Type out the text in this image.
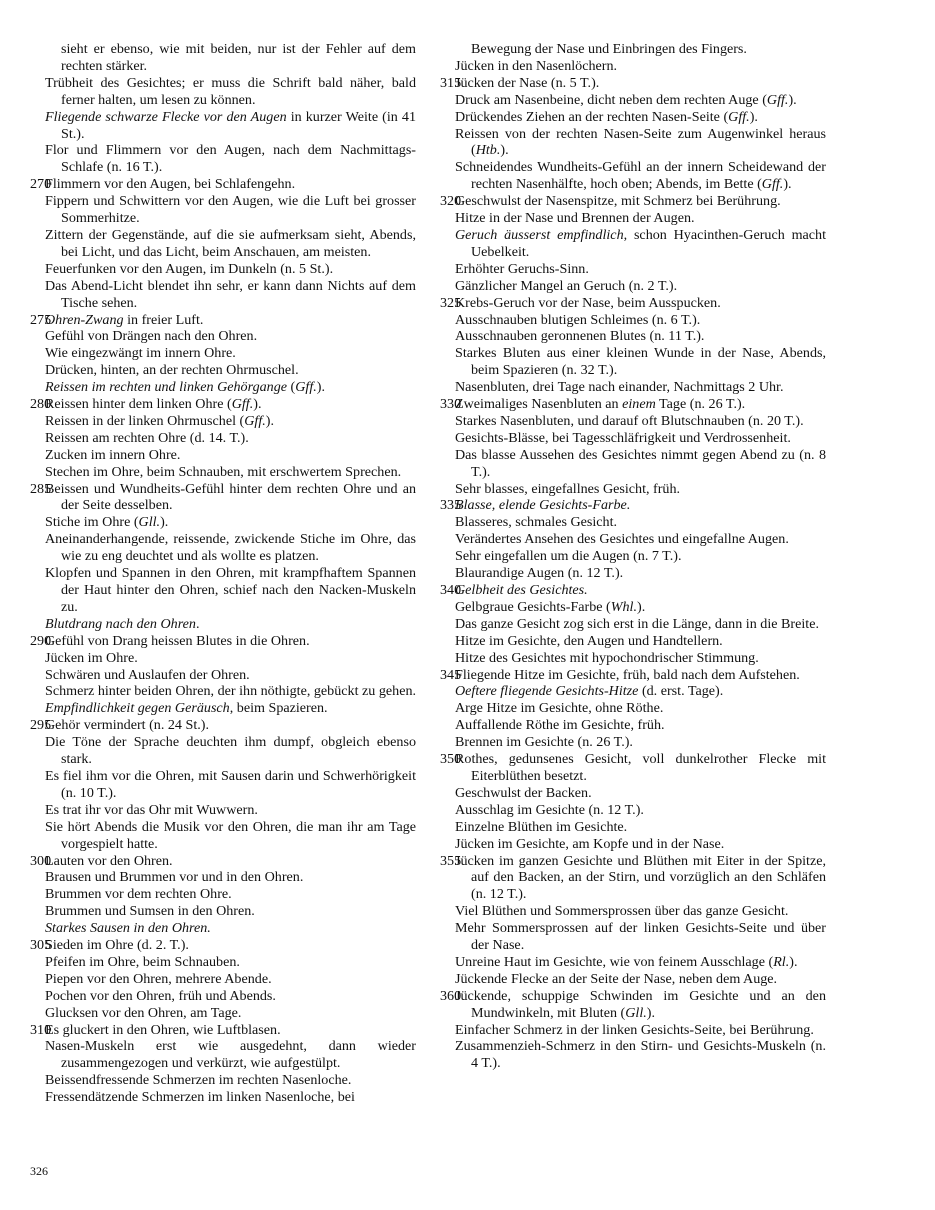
sieht er ebenso, wie mit beiden, nur ist der Fehler auf dem rechten stärker.

Trübheit des Gesichtes; er muss die Schrift bald näher, bald ferner halten, um lesen zu können.

Fliegende schwarze Flecke vor den Augen in kurzer Weite (in 41 St.).

Flor und Flimmern vor den Augen, nach dem Nachmittags-Schlafe (n. 16 T.).

270
Flimmern vor den Augen, bei Schlafengehn.

Fippern und Schwittern vor den Augen, wie die Luft bei grosser Sommerhitze.

Zittern der Gegenstände, auf die sie aufmerksam sieht, Abends, bei Licht, und das Licht, beim Anschauen, am meisten.

Feuerfunken vor den Augen, im Dunkeln (n. 5 St.).

Das Abend-Licht blendet ihn sehr, er kann dann Nichts auf dem Tische sehen.

275
Ohren-Zwang in freier Luft.

Gefühl von Drängen nach den Ohren.

Wie eingezwängt im innern Ohre.

Drücken, hinten, an der rechten Ohrmuschel.

Reissen im rechten und linken Gehörgange (Gff.).

280
Reissen hinter dem linken Ohre (Gff.).

Reissen in der linken Ohrmuschel (Gff.).

Reissen am rechten Ohre (d. 14. T.).

Zucken im innern Ohre.

Stechen im Ohre, beim Schnauben, mit erschwertem Sprechen.

285
Beissen und Wundheits-Gefühl hinter dem rechten Ohre und an der Seite desselben.

Stiche im Ohre (Gll.).

Aneinanderhangende, reissende, zwickende Stiche im Ohre, das wie zu eng deuchtet und als wollte es platzen.

Klopfen und Spannen in den Ohren, mit krampfhaftem Spannen der Haut hinter den Ohren, schief nach den Nacken-Muskeln zu.

Blutdrang nach den Ohren.

290
Gefühl von Drang heissen Blutes in die Ohren.

Jücken im Ohre.

Schwären und Auslaufen der Ohren.

Schmerz hinter beiden Ohren, der ihn nöthigte, gebückt zu gehen.

Empfindlichkeit gegen Geräusch, beim Spazieren.

295
Gehör vermindert (n. 24 St.).

Die Töne der Sprache deuchten ihm dumpf, obgleich ebenso stark.

Es fiel ihm vor die Ohren, mit Sausen darin und Schwerhörigkeit (n. 10 T.).

Es trat ihr vor das Ohr mit Wuwwern.

Sie hört Abends die Musik vor den Ohren, die man ihr am Tage vorgespielt hatte.

300
Lauten vor den Ohren.

Brausen und Brummen vor und in den Ohren.

Brummen vor dem rechten Ohre.

Brummen und Sumsen in den Ohren.

Starkes Sausen in den Ohren.

305
Sieden im Ohre (d. 2. T.).

Pfeifen im Ohre, beim Schnauben.

Piepen vor den Ohren, mehrere Abende.

Pochen vor den Ohren, früh und Abends.

Glucksen vor den Ohren, am Tage.

310
Es gluckert in den Ohren, wie Luftblasen.

Nasen-Muskeln erst wie ausgedehnt, dann wieder zusammengezogen und verkürzt, wie aufgestülpt.

Beissendfressende Schmerzen im rechten Nasenloche.

Fressendätzende Schmerzen im linken Nasenloche, bei

Bewegung der Nase und Einbringen des Fingers.

Jücken in den Nasenlöchern.

315
Jücken der Nase (n. 5 T.).

Druck am Nasenbeine, dicht neben dem rechten Auge (Gff.).

Drückendes Ziehen an der rechten Nasen-Seite (Gff.).

Reissen von der rechten Nasen-Seite zum Augenwinkel heraus (Htb.).

Schneidendes Wundheits-Gefühl an der innern Scheidewand der rechten Nasenhälfte, hoch oben; Abends, im Bette (Gff.).

320
Geschwulst der Nasenspitze, mit Schmerz bei Berührung.

Hitze in der Nase und Brennen der Augen.

Geruch äusserst empfindlich, schon Hyacinthen-Geruch macht Uebelkeit.

Erhöhter Geruchs-Sinn.

Gänzlicher Mangel an Geruch (n. 2 T.).

325
Krebs-Geruch vor der Nase, beim Ausspucken.

Ausschnauben blutigen Schleimes (n. 6 T.).

Ausschnauben geronnenen Blutes (n. 11 T.).

Starkes Bluten aus einer kleinen Wunde in der Nase, Abends, beim Spazieren (n. 32 T.).

Nasenbluten, drei Tage nach einander, Nachmittags 2 Uhr.

330
Zweimaliges Nasenbluten an einem Tage (n. 26 T.).

Starkes Nasenbluten, und darauf oft Blutschnauben (n. 20 T.).

Gesichts-Blässe, bei Tagesschläfrigkeit und Verdrossenheit.

Das blasse Aussehen des Gesichtes nimmt gegen Abend zu (n. 8 T.).

Sehr blasses, eingefallnes Gesicht, früh.

335
Blasse, elende Gesichts-Farbe.

Blasseres, schmales Gesicht.

Verändertes Ansehen des Gesichtes und eingefallne Augen.

Sehr eingefallen um die Augen (n. 7 T.).

Blaurandige Augen (n. 12 T.).

340
Gelbheit des Gesichtes.

Gelbgraue Gesichts-Farbe (Whl.).

Das ganze Gesicht zog sich erst in die Länge, dann in die Breite.

Hitze im Gesichte, den Augen und Handtellern.

Hitze des Gesichtes mit hypochondrischer Stimmung.

345
Fliegende Hitze im Gesichte, früh, bald nach dem Aufstehen.

Oeftere fliegende Gesichts-Hitze (d. erst. Tage).

Arge Hitze im Gesichte, ohne Röthe.

Auffallende Röthe im Gesichte, früh.

Brennen im Gesichte (n. 26 T.).

350
Rothes, gedunsenes Gesicht, voll dunkelrother Flecke mit Eiterblüthen besetzt.

Geschwulst der Backen.

Ausschlag im Gesichte (n. 12 T.).

Einzelne Blüthen im Gesichte.

Jücken im Gesichte, am Kopfe und in der Nase.

355
Jücken im ganzen Gesichte und Blüthen mit Eiter in der Spitze, auf den Backen, an der Stirn, und vorzüglich an den Schläfen (n. 12 T.).

Viel Blüthen und Sommersprossen über das ganze Gesicht.

Mehr Sommersprossen auf der linken Gesichts-Seite und über der Nase.

Unreine Haut im Gesichte, wie von feinem Ausschlage (Rl.).

Jückende Flecke an der Seite der Nase, neben dem Auge.

360
Jückende, schuppige Schwinden im Gesichte und an den Mundwinkeln, mit Bluten (Gll.).

Einfacher Schmerz in der linken Gesichts-Seite, bei Berührung.

Zusammenzieh-Schmerz in den Stirn- und Gesichts-Muskeln (n. 4 T.).

326
